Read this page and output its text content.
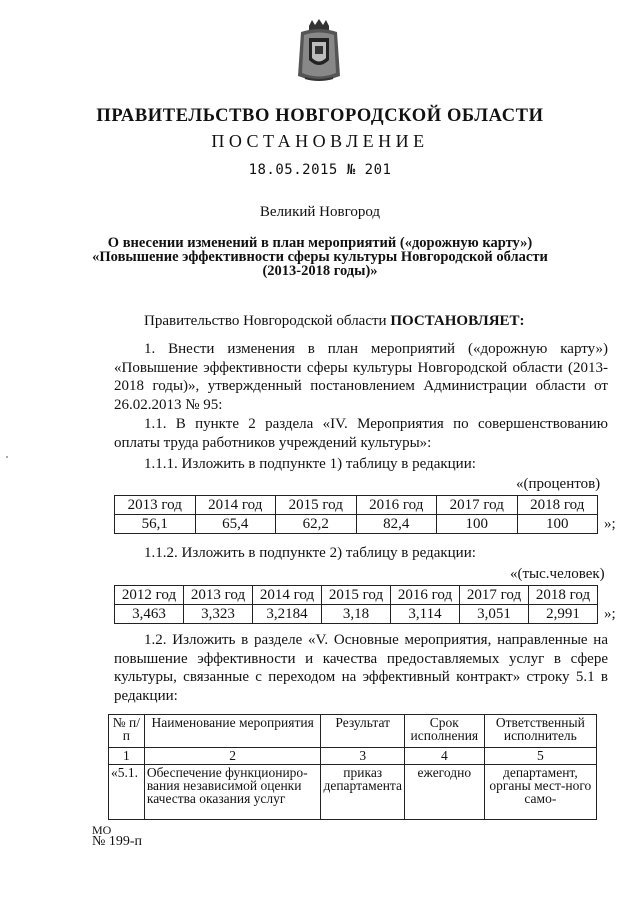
ПРАВИТЕЛЬСТВО НОВГОРОДСКОЙ ОБЛАСТИ
ПОСТАНОВЛЕНИЕ
18.05.2015 № 201
Великий Новгород
О внесении изменений в план мероприятий («дорожную карту»)
«Повышение эффективности сферы культуры Новгородской области
(2013-2018 годы)»
Правительство Новгородской области ПОСТАНОВЛЯЕТ:
1. Внести изменения в план мероприятий («дорожную карту») «Повышение эффективности сферы культуры Новгородской области (2013-2018 годы)», утвержденный постановлением Администрации области от 26.02.2013 № 95:
1.1. В пункте 2 раздела «IV. Мероприятия по совершенствованию оплаты труда работников учреждений культуры»:
1.1.1. Изложить в подпункте 1) таблицу в редакции:
«(процентов)
2013 год	2014 год	2015 год	2016 год	2017 год	2018 год
56,1	65,4	62,2	82,4	100	100 »;
1.1.2. Изложить в подпункте 2) таблицу в редакции:
«(тыс.человек)
2012 год	2013 год	2014 год	2015 год	2016 год	2017 год	2018 год
3,463	3,323	3,2184	3,18	3,114	3,051	2,991 »;
1.2. Изложить в разделе «V. Основные мероприятия, направленные на повышение эффективности и качества предоставляемых услуг в сфере культуры, связанные с переходом на эффективный контракт» строку 5.1 в редакции:
№ п/п	Наименование мероприятия	Результат	Срок исполнения	Ответственный исполнитель
1	2	3	4	5
«5.1.	Обеспечение функциониро-вания независимой оценки качества оказания услуг	приказ департамента	ежегодно	департамент, органы мест-ного само-
МО
№ 199-п
